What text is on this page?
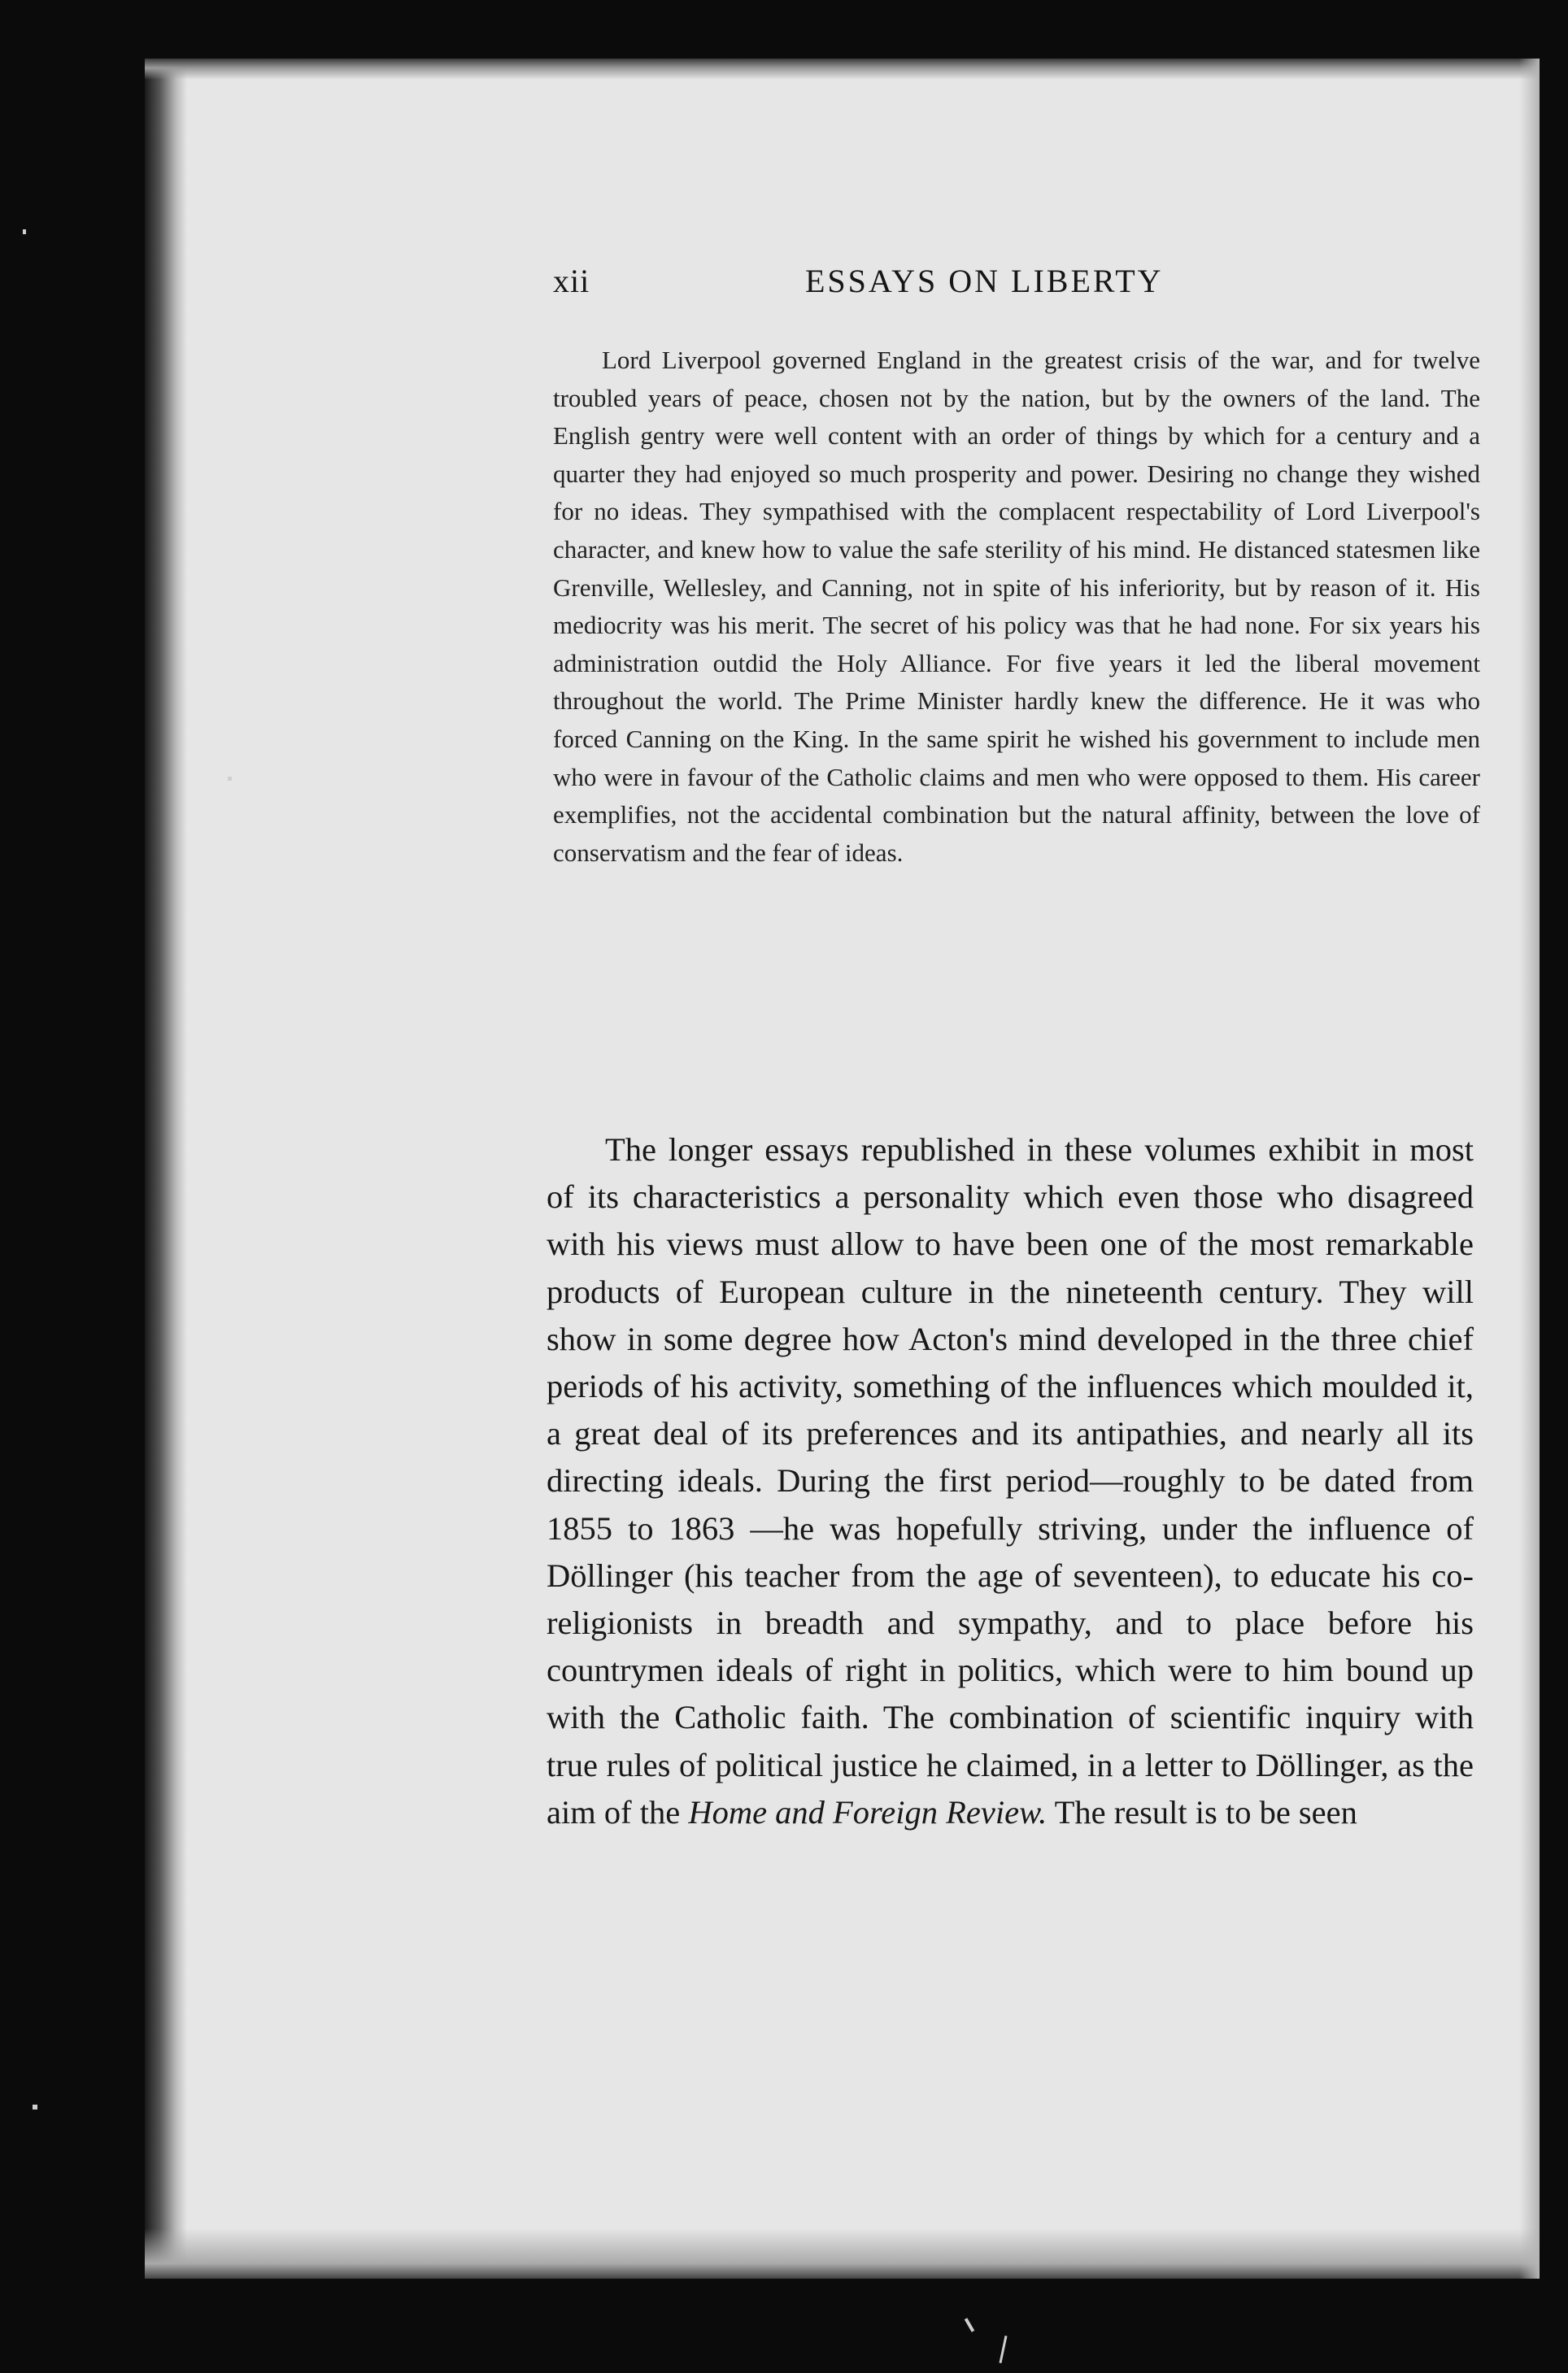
xii	ESSAYS ON LIBERTY

Lord Liverpool governed England in the greatest crisis of the war, and for twelve troubled years of peace, chosen not by the nation, but by the owners of the land. The English gentry were well content with an order of things by which for a century and a quarter they had enjoyed so much prosperity and power. Desiring no change they wished for no ideas. They sympathised with the complacent respectability of Lord Liverpool's character, and knew how to value the safe sterility of his mind. He distanced statesmen like Grenville, Wellesley, and Canning, not in spite of his inferiority, but by reason of it. His mediocrity was his merit. The secret of his policy was that he had none. For six years his administration outdid the Holy Alliance. For five years it led the liberal movement throughout the world. The Prime Minister hardly knew the difference. He it was who forced Canning on the King. In the same spirit he wished his government to include men who were in favour of the Catholic claims and men who were opposed to them. His career exemplifies, not the accidental combination but the natural affinity, between the love of conservatism and the fear of ideas.

The longer essays republished in these volumes exhibit in most of its characteristics a personality which even those who disagreed with his views must allow to have been one of the most remarkable products of European culture in the nineteenth century. They will show in some degree how Acton's mind developed in the three chief periods of his activity, something of the influences which moulded it, a great deal of its preferences and its antipathies, and nearly all its directing ideals. During the first period—roughly to be dated from 1855 to 1863 —he was hopefully striving, under the influence of Döllinger (his teacher from the age of seventeen), to educate his co-religionists in breadth and sympathy, and to place before his countrymen ideals of right in politics, which were to him bound up with the Catholic faith. The combination of scientific inquiry with true rules of political justice he claimed, in a letter to Döllinger, as the aim of the Home and Foreign Review. The result is to be seen
